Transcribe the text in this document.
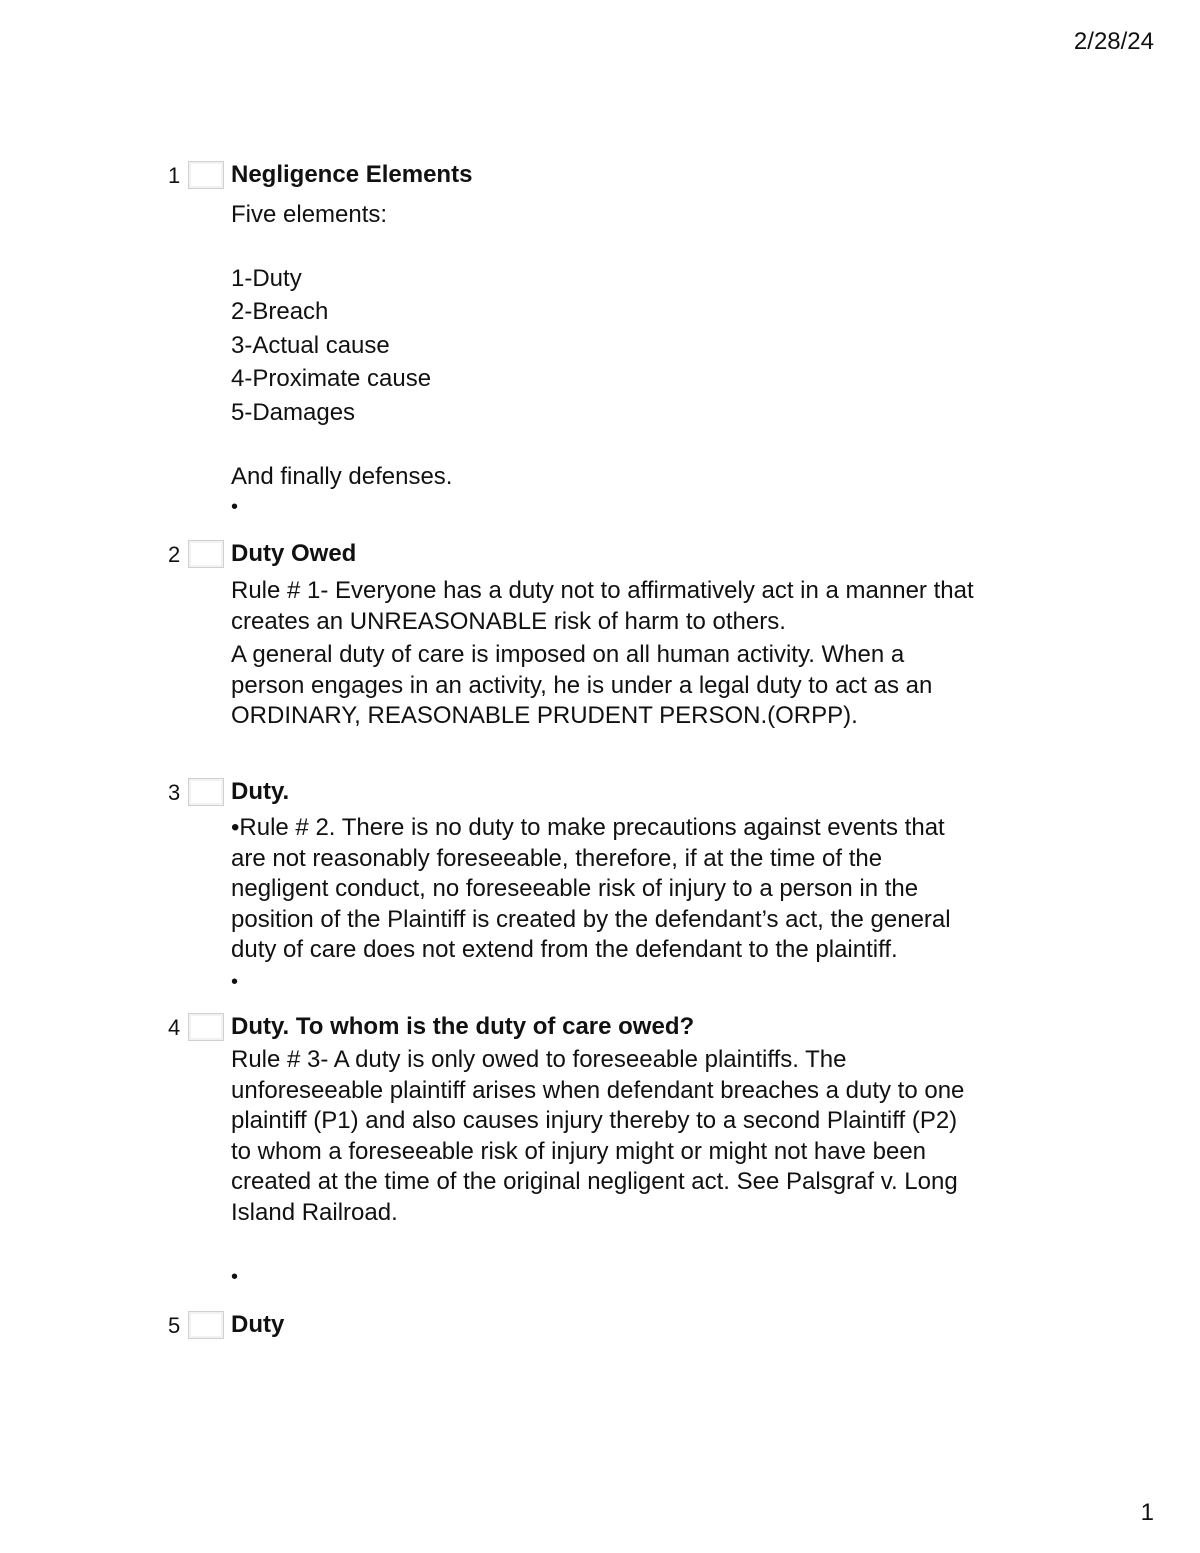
2/28/24
1 Negligence Elements
Five elements:
1-Duty
2-Breach
3-Actual cause
4-Proximate cause
5-Damages
And finally defenses.
•
2 Duty Owed
Rule # 1- Everyone has a duty not to affirmatively act in a manner that
creates an UNREASONABLE risk of harm to others.
A general duty of care is imposed on all human activity. When a
person engages in an activity, he is under a legal duty to act as an
ORDINARY, REASONABLE PRUDENT PERSON.(ORPP).
3 Duty.
•Rule # 2. There is no duty to make precautions against events that
are not reasonably foreseeable, therefore, if at the time of the
negligent conduct, no foreseeable risk of injury to a person in the
position of the Plaintiff is created by the defendant’s act, the general
duty of care does not extend from the defendant to the plaintiff.
•
4 Duty. To whom is the duty of care owed?
Rule # 3- A duty is only owed to foreseeable plaintiffs. The
unforeseeable plaintiff arises when defendant breaches a duty to one
plaintiff (P1) and also causes injury thereby to a second Plaintiff (P2)
to whom a foreseeable risk of injury might or might not have been
created at the time of the original negligent act. See Palsgraf v. Long
Island Railroad.
•
5 Duty
1
